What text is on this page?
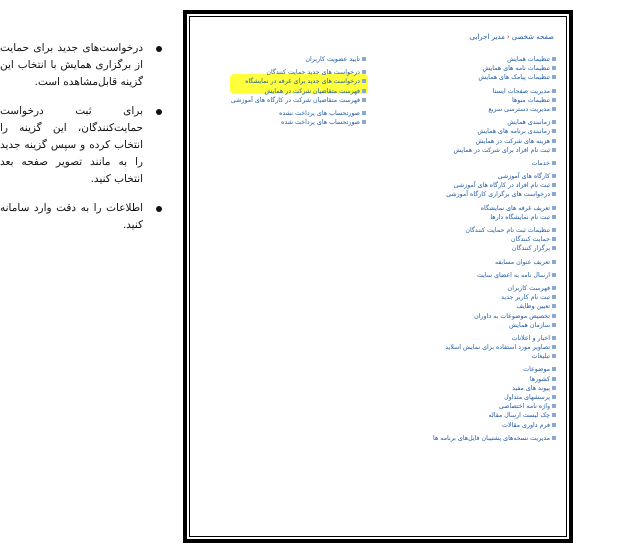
درخواست‌های جدید برای حمایت از برگزاری همایش با انتخاب این گزینه قابل‌مشاهده است.
برای ثبت درخواست حمایت‌کنندگان، این گزینه را انتخاب کرده و سپس گزینه جدید را به مانند تصویر صفحه بعد انتخاب کنید.
اطلاعات را به دقت وارد سامانه کنید.
صفحه شخصی‹مدیر اجرایی
تایید عضویت کاربران
درخواست های جدید حمایت کنندگان
درخواست های جدید برای غرفه در نمایشگاه
فهرست متقاضیان شرکت در همایش
فهرست متقاضیان شرکت در کارگاه های آموزشی
صورتحساب های پرداخت نشده
صورتحساب های پرداخت شده
تنظیمات همایش
تنظیمات نامه های همایش
تنظیمات پیامک های همایش
مدیریت صفحات ایستا
تنظیمات منوها
مدیریت دسترسی سریع
زمانبندی همایش
زمانبندی برنامه های همایش
هزینه های شرکت در همایش
ثبت نام افراد برای شرکت در همایش
خدمات
کارگاه های آموزشی
ثبت نام افراد در کارگاه های آموزشی
درخواست های برگزاری کارگاه آموزشی
تعریف غرفه های نمایشگاه
ثبت نام نمایشگاه دارها
تنظیمات ثبت نام حمایت کنندگان
حمایت کنندگان
برگزار کنندگان
تعریف عنوان مسابقه
ارسال نامه به اعضای سایت
فهرست کاربران
ثبت نام کاربر جدید
تعیین وظایف
تخصیص موضوعات به داوران
سازمان همایش
اخبار و اعلانات
تصاویر مورد استفاده برای نمایش اسلاید
تبلیغات
موضوعات
کشورها
پیوند های مفید
پرسشهای متداول
واژه نامه اختصاصی
چک لیست ارسال مقاله
فرم داوری مقالات
مدیریت نسخه‌های پشتیبان فایل‌های برنامه ها
